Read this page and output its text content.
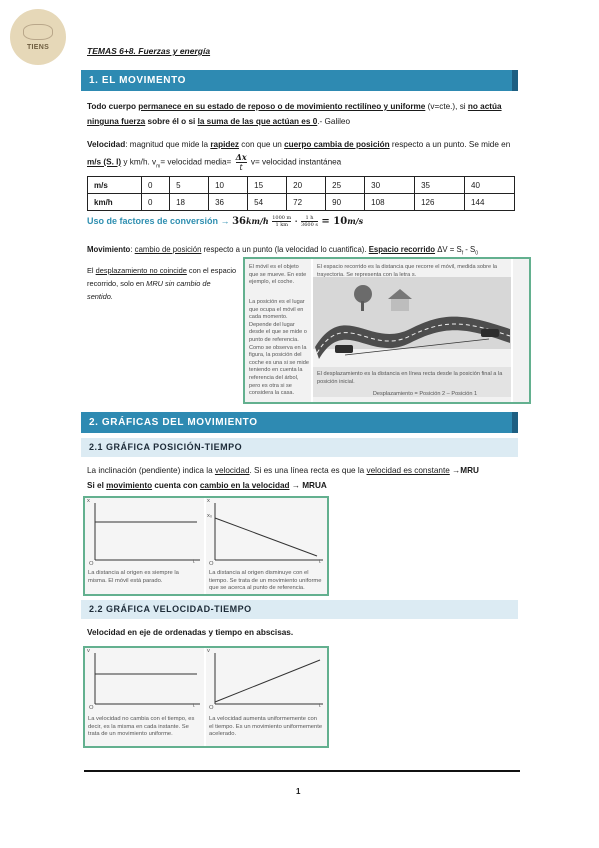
TIENS	TEMAS 6+8. Fuerzas y energía
1. EL MOVIMENTO
Todo cuerpo permanece en su estado de reposo o de movimiento rectilíneo y uniforme (v=cte.), si no actúa ninguna fuerza sobre él o si la suma de las que actúan es 0.- Galileo
Velocidad: magnitud que mide la rapidez con que un cuerpo cambia de posición respecto a un punto. Se mide en m/s (S. I) y km/h. $v_m=$ velocidad media= $\frac{\Delta x}{t} v=$ velocidad instantánea
m/s	0	5	10	15	20	25	30	35	40
km/h	0	18	36	54	72	90	108	126	144
Uso de factores de conversión → $36km/h \frac{1000 m}{1 km} \cdot \frac{1 h}{3600 s} = 10m/s$
Movimiento: cambio de posición respecto a un punto (la velocidad lo cuantifica). Espacio recorrido $\Delta V = S_f - S_0$
El desplazamiento no coincide con el espacio recorrido, solo en MRU sin cambio de sentido.
El móvil es el objeto que se mueve. En este ejemplo, el coche.
El espacio recorrido es la distancia que recorre el móvil, medida sobre la trayectoria. Se representa con la letra s.
La posición es el lugar que ocupa el móvil en cada momento. Depende del lugar desde el que se mide o punto de referencia. Como se observa en la figura, la posición del coche es una si se mide teniendo en cuenta la referencia del árbol, pero es otra si se considera la casa.
El desplazamiento es la distancia en línea recta desde la posición final a la posición inicial.
Desplazamiento = Posición 2 – Posición 1
2. GRÁFICAS DEL MOVIMIENTO
2.1 GRÁFICA POSICIÓN-TIEMPO
La inclinación (pendiente) indica la velocidad. Si es una línea recta es que la velocidad es constante →MRU
Si el movimiento cuenta con cambio en la velocidad → MRUA
x
t
O
La distancia al origen es siempre la misma. El móvil está parado.
x
x₀
t
O
La distancia al origen disminuye con el tiempo. Se trata de un movimiento uniforme que se acerca al punto de referencia.
2.2 GRÁFICA VELOCIDAD-TIEMPO
Velocidad en eje de ordenadas y tiempo en abscisas.
v
t
O
La velocidad no cambia con el tiempo, es decir, es la misma en cada instante. Se trata de un movimiento uniforme.
v
t
O
La velocidad aumenta uniformemente con el tiempo. Es un movimiento uniformemente acelerado.
1
